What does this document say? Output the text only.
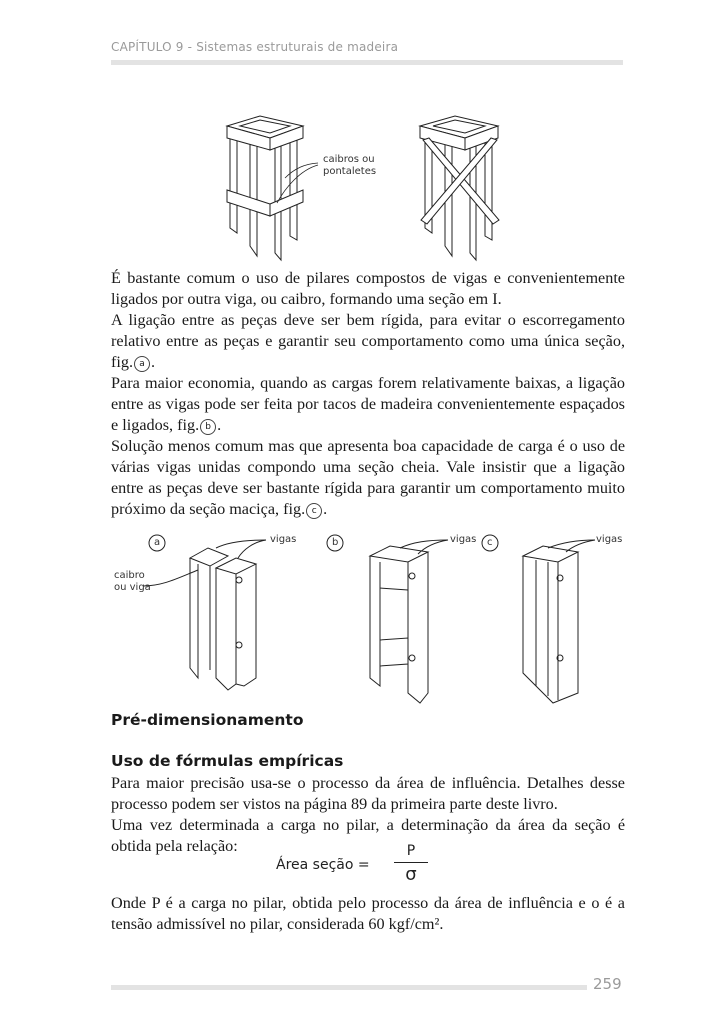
CAPÍTULO 9 - Sistemas estruturais de madeira
caibros ou
pontaletes

É bastante comum o uso de pilares compostos de vigas e convenientemente ligados por outra viga, ou caibro, formando uma seção em I.

A ligação entre as peças deve ser bem rígida, para evitar o escorregamento relativo entre as peças e garantir seu comportamento como uma única seção, fig. a .

Para maior economia, quando as cargas forem relativamente baixas, a ligação entre as vigas pode ser feita por tacos de madeira convenientemente espaçados e ligados, fig. b .

Solução menos comum mas que apresenta boa capacidade de carga é o uso de várias vigas unidas compondo uma seção cheia. Vale insistir que a ligação entre as peças deve ser bastante rígida para garantir um comportamento muito próximo da seção maciça, fig. c .

a	vigas
caibro
ou viga
b	vigas c	vigas
Pré-dimensionamento
Uso de fórmulas empíricas

Para maior precisão usa-se o processo da área de influência. Detalhes desse processo podem ser vistos na página 89 da primeira parte deste livro.

Uma vez determinada a carga no pilar, a determinação da área da seção é obtida pela relação:

Área seção =
P
σ

Onde P é a carga no pilar, obtida pelo processo da área de influência e o é a tensão admissível no pilar, considerada 60 kgf/cm².

259
